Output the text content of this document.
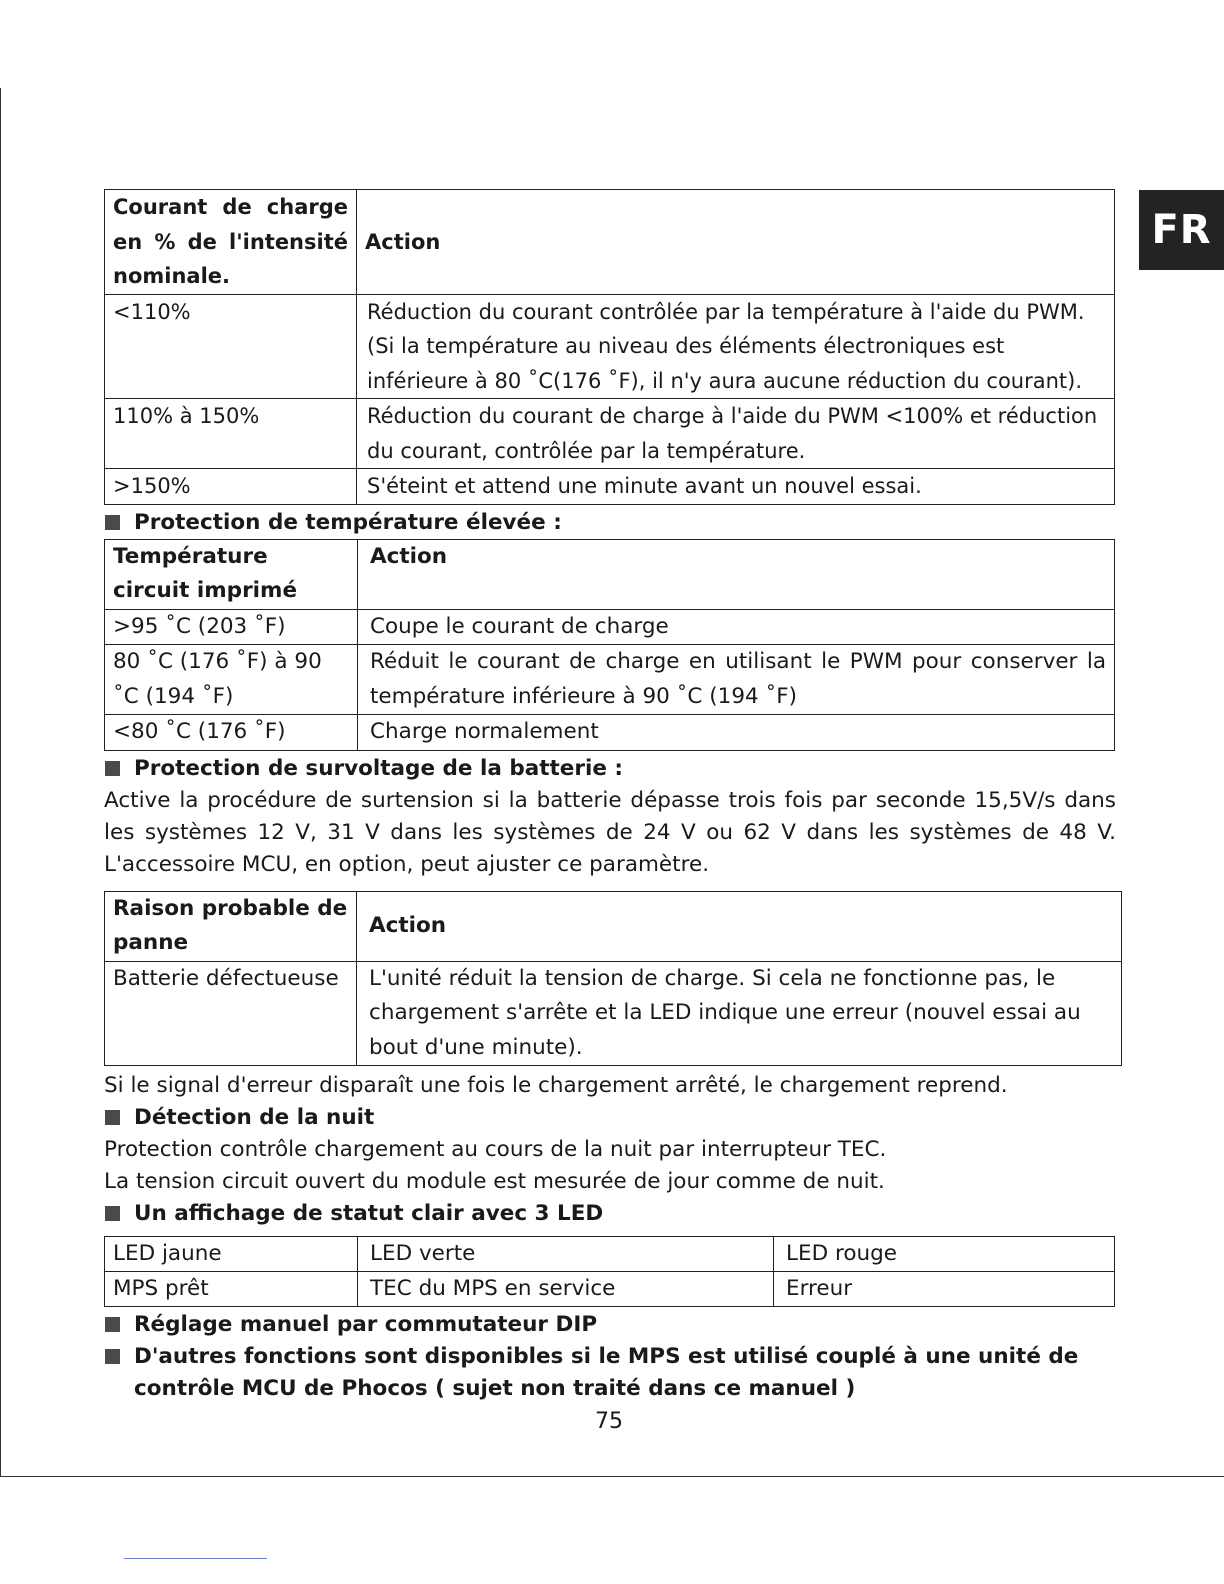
FR
Courant de charge en % de l'intensité nominale.	Action
<110%	Réduction du courant contrôlée par la température à l'aide du PWM. (Si la température au niveau des éléments électroniques est inférieure à 80 ˚C(176 ˚F), il n'y aura aucune réduction du courant).
110% à 150%	Réduction du courant de charge à l'aide du PWM <100% et réduction du courant, contrôlée par la température.
>150%	S'éteint et attend une minute avant un nouvel essai.
Protection de température élevée :
Température circuit imprimé	Action
>95 ˚C (203 ˚F)	Coupe le courant de charge
80 ˚C (176 ˚F) à 90 ˚C (194 ˚F)	Réduit le courant de charge en utilisant le PWM pour conserver la température inférieure à 90 ˚C (194 ˚F)
<80 ˚C (176 ˚F)	Charge normalement
Protection de survoltage de la batterie :

Active la procédure de surtension si la batterie dépasse trois fois par seconde 15,5V/s dans les systèmes 12 V, 31 V dans les systèmes de 24 V ou 62 V dans les systèmes de 48 V. L'accessoire MCU, en option, peut ajuster ce paramètre.

Raison probable de panne	Action
Batterie défectueuse	L'unité réduit la tension de charge. Si cela ne fonctionne pas, le chargement s'arrête et la LED indique une erreur (nouvel essai au bout d'une minute).

Si le signal d'erreur disparaît une fois le chargement arrêté, le chargement reprend.

Détection de la nuit

Protection contrôle chargement au cours de la nuit par interrupteur TEC.

La tension circuit ouvert du module est mesurée de jour comme de nuit.

Un affichage de statut clair avec 3 LED
LED jaune	LED verte	LED rouge
MPS prêt	TEC du MPS en service	Erreur
Réglage manuel par commutateur DIP
D'autres fonctions sont disponibles si le MPS est utilisé couplé à une unité de contrôle MCU de Phocos ( sujet non traité dans ce manuel )
75
